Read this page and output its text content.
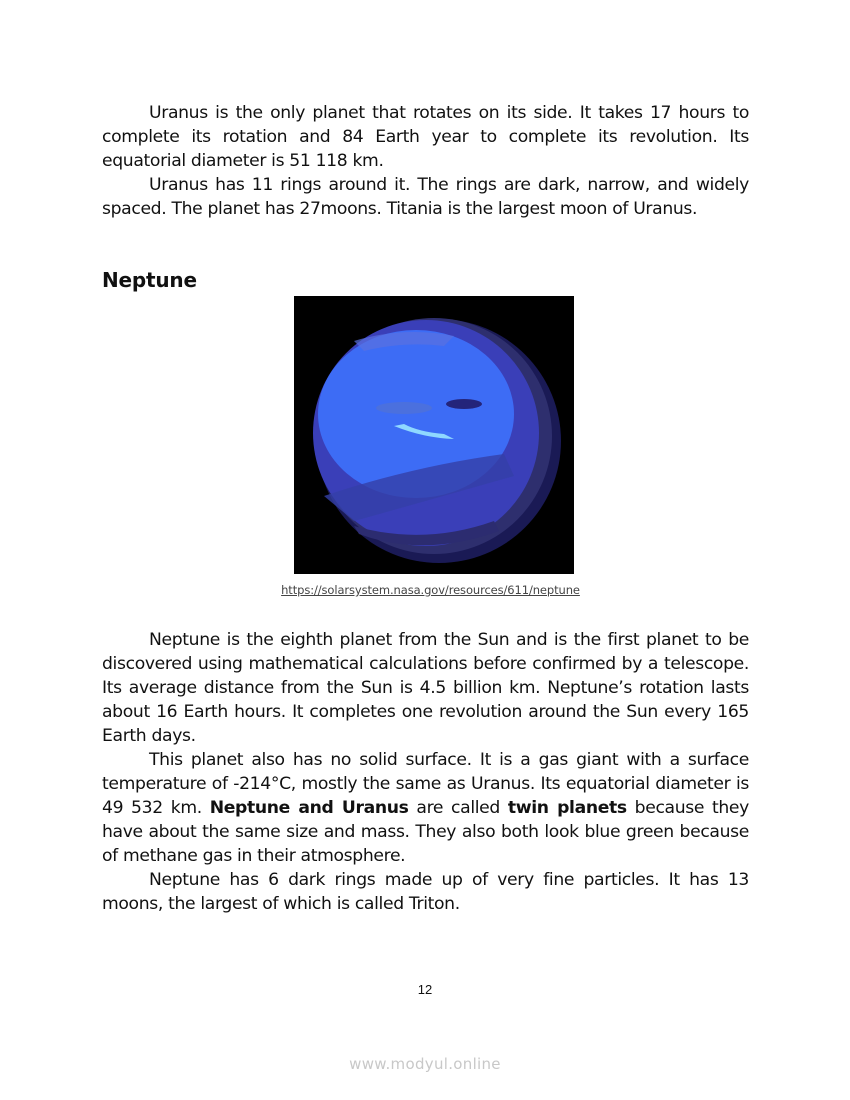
Uranus is the only planet that rotates on its side. It takes 17 hours to complete its rotation and 84 Earth year to complete its revolution. Its equatorial diameter is 51 118 km.

Uranus has 11 rings around it. The rings are dark, narrow, and widely spaced. The planet has 27moons. Titania is the largest moon of Uranus.

Neptune
https://solarsystem.nasa.gov/resources/611/neptune

Neptune is the eighth planet from the Sun and is the first planet to be discovered using mathematical calculations before confirmed by a telescope. Its average distance from the Sun is 4.5 billion km. Neptune’s rotation lasts about 16 Earth hours. It completes one revolution around the Sun every 165 Earth days.

This planet also has no solid surface. It is a gas giant with a surface temperature of -214°C, mostly the same as Uranus. Its equatorial diameter is 49 532 km. Neptune and Uranus are called twin planets because they have about the same size and mass. They also both look blue green because of methane gas in their atmosphere.

Neptune has 6 dark rings made up of very fine particles. It has 13 moons, the largest of which is called Triton.

12
www.modyul.online
